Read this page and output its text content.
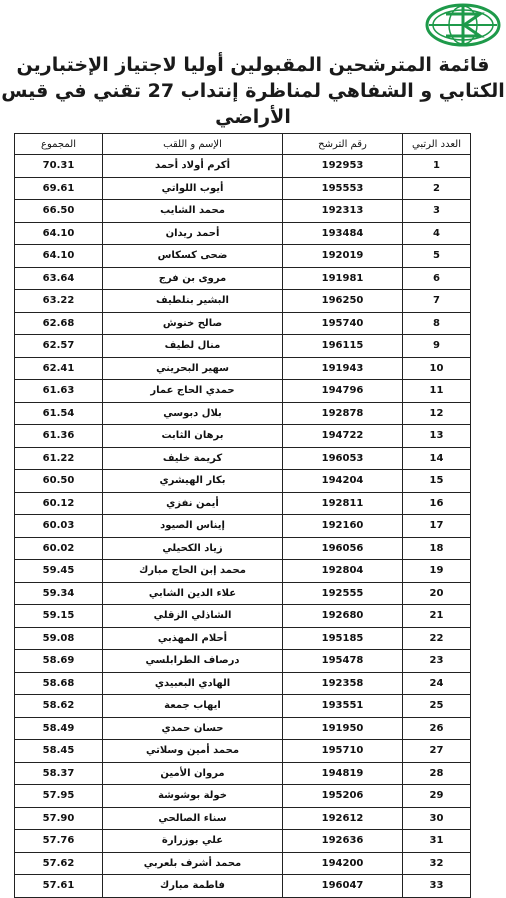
قائمة المترشحين المقبولين أوليا لاجتياز الإختبارين
الكتابي و الشفاهي لمناظرة إنتداب 27 تقني في قيس الأراضي
العدد الرتبي	رقم الترشح	الإسم و اللقب	المجموع
1	192953	أكرم أولاد أحمد	70.31
2	195553	أيوب اللواتي	69.61
3	192313	محمد الشايب	66.50
4	193484	أحمد ريدان	64.10
5	192019	ضحى كسكاس	64.10
6	191981	مروى بن فرج	63.64
7	196250	البشير بنلطيف	63.22
8	195740	صالح خنوش	62.68
9	196115	منال لطيف	62.57
10	191943	سهير البحريني	62.41
11	194796	حمدي الحاج عمار	61.63
12	192878	بلال دبوسي	61.54
13	194722	برهان الثابت	61.36
14	196053	كريمة خليف	61.22
15	194204	بكار الهيشري	60.50
16	192811	أيمن نفزي	60.12
17	192160	إيناس الصيود	60.03
18	196056	زياد الكحيلي	60.02
19	192804	محمد إبن الحاج مبارك	59.45
20	192555	علاء الدين الشابي	59.34
21	192680	الشاذلي الزقلي	59.15
22	195185	أحلام المهذبي	59.08
23	195478	درصاف الطرابلسي	58.69
24	192358	الهادي البعبيدي	58.68
25	193551	ايهاب جمعة	58.62
26	191950	حسان حمدي	58.49
27	195710	محمد أمين وسلاتي	58.45
28	194819	مروان الأمين	58.37
29	195206	خولة بوشوشة	57.95
30	192612	سناء الصالحي	57.90
31	192636	علي بوزرارة	57.76
32	194200	محمد أشرف بلعربي	57.62
33	196047	فاطمة مبارك	57.61
